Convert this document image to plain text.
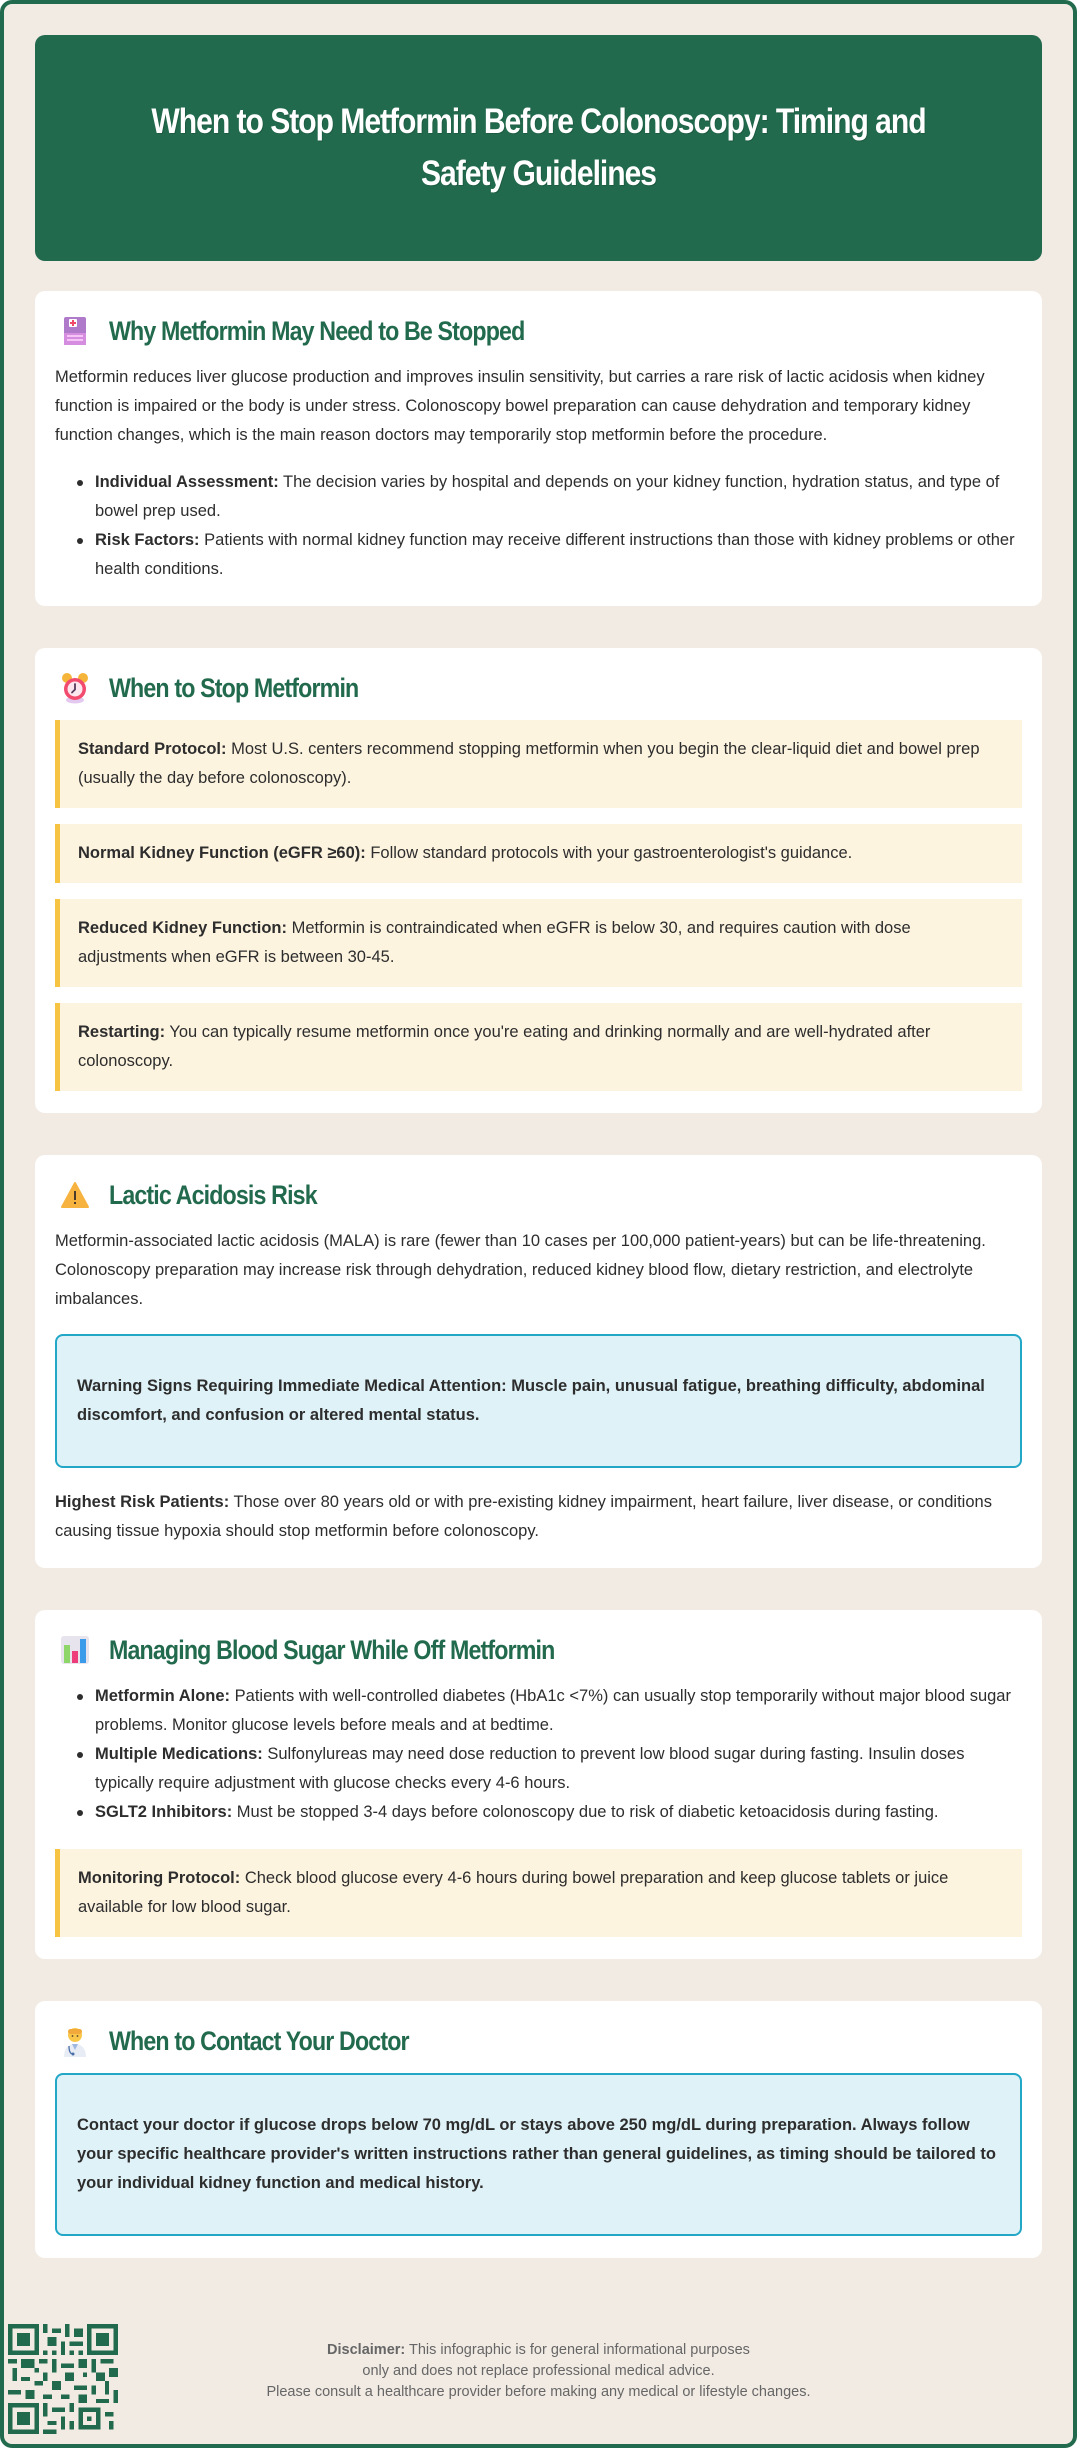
When to Stop Metformin Before Colonoscopy: Timing and Safety Guidelines
Why Metformin May Need to Be Stopped

Metformin reduces liver glucose production and improves insulin sensitivity, but carries a rare risk of lactic acidosis when kidney function is impaired or the body is under stress. Colonoscopy bowel preparation can cause dehydration and temporary kidney function changes, which is the main reason doctors may temporarily stop metformin before the procedure.

Individual Assessment: The decision varies by hospital and depends on your kidney function, hydration status, and type of bowel prep used.
Risk Factors: Patients with normal kidney function may receive different instructions than those with kidney problems or other health conditions.
When to Stop Metformin
Standard Protocol: Most U.S. centers recommend stopping metformin when you begin the clear-liquid diet and bowel prep (usually the day before colonoscopy).
Normal Kidney Function (eGFR ≥60): Follow standard protocols with your gastroenterologist's guidance.
Reduced Kidney Function: Metformin is contraindicated when eGFR is below 30, and requires caution with dose adjustments when eGFR is between 30-45.
Restarting: You can typically resume metformin once you're eating and drinking normally and are well-hydrated after colonoscopy.
Lactic Acidosis Risk

Metformin-associated lactic acidosis (MALA) is rare (fewer than 10 cases per 100,000 patient-years) but can be life-threatening. Colonoscopy preparation may increase risk through dehydration, reduced kidney blood flow, dietary restriction, and electrolyte imbalances.

Warning Signs Requiring Immediate Medical Attention: Muscle pain, unusual fatigue, breathing difficulty, abdominal discomfort, and confusion or altered mental status.

Highest Risk Patients: Those over 80 years old or with pre-existing kidney impairment, heart failure, liver disease, or conditions causing tissue hypoxia should stop metformin before colonoscopy.

Managing Blood Sugar While Off Metformin
Metformin Alone: Patients with well-controlled diabetes (HbA1c <7%) can usually stop temporarily without major blood sugar problems. Monitor glucose levels before meals and at bedtime.
Multiple Medications: Sulfonylureas may need dose reduction to prevent low blood sugar during fasting. Insulin doses typically require adjustment with glucose checks every 4-6 hours.
SGLT2 Inhibitors: Must be stopped 3-4 days before colonoscopy due to risk of diabetic ketoacidosis during fasting.
Monitoring Protocol: Check blood glucose every 4-6 hours during bowel preparation and keep glucose tablets or juice available for low blood sugar.
When to Contact Your Doctor
Contact your doctor if glucose drops below 70 mg/dL or stays above 250 mg/dL during preparation. Always follow your specific healthcare provider's written instructions rather than general guidelines, as timing should be tailored to your individual kidney function and medical history.
Disclaimer: This infographic is for general informational purposes
only and does not replace professional medical advice.
Please consult a healthcare provider before making any medical or lifestyle changes.
